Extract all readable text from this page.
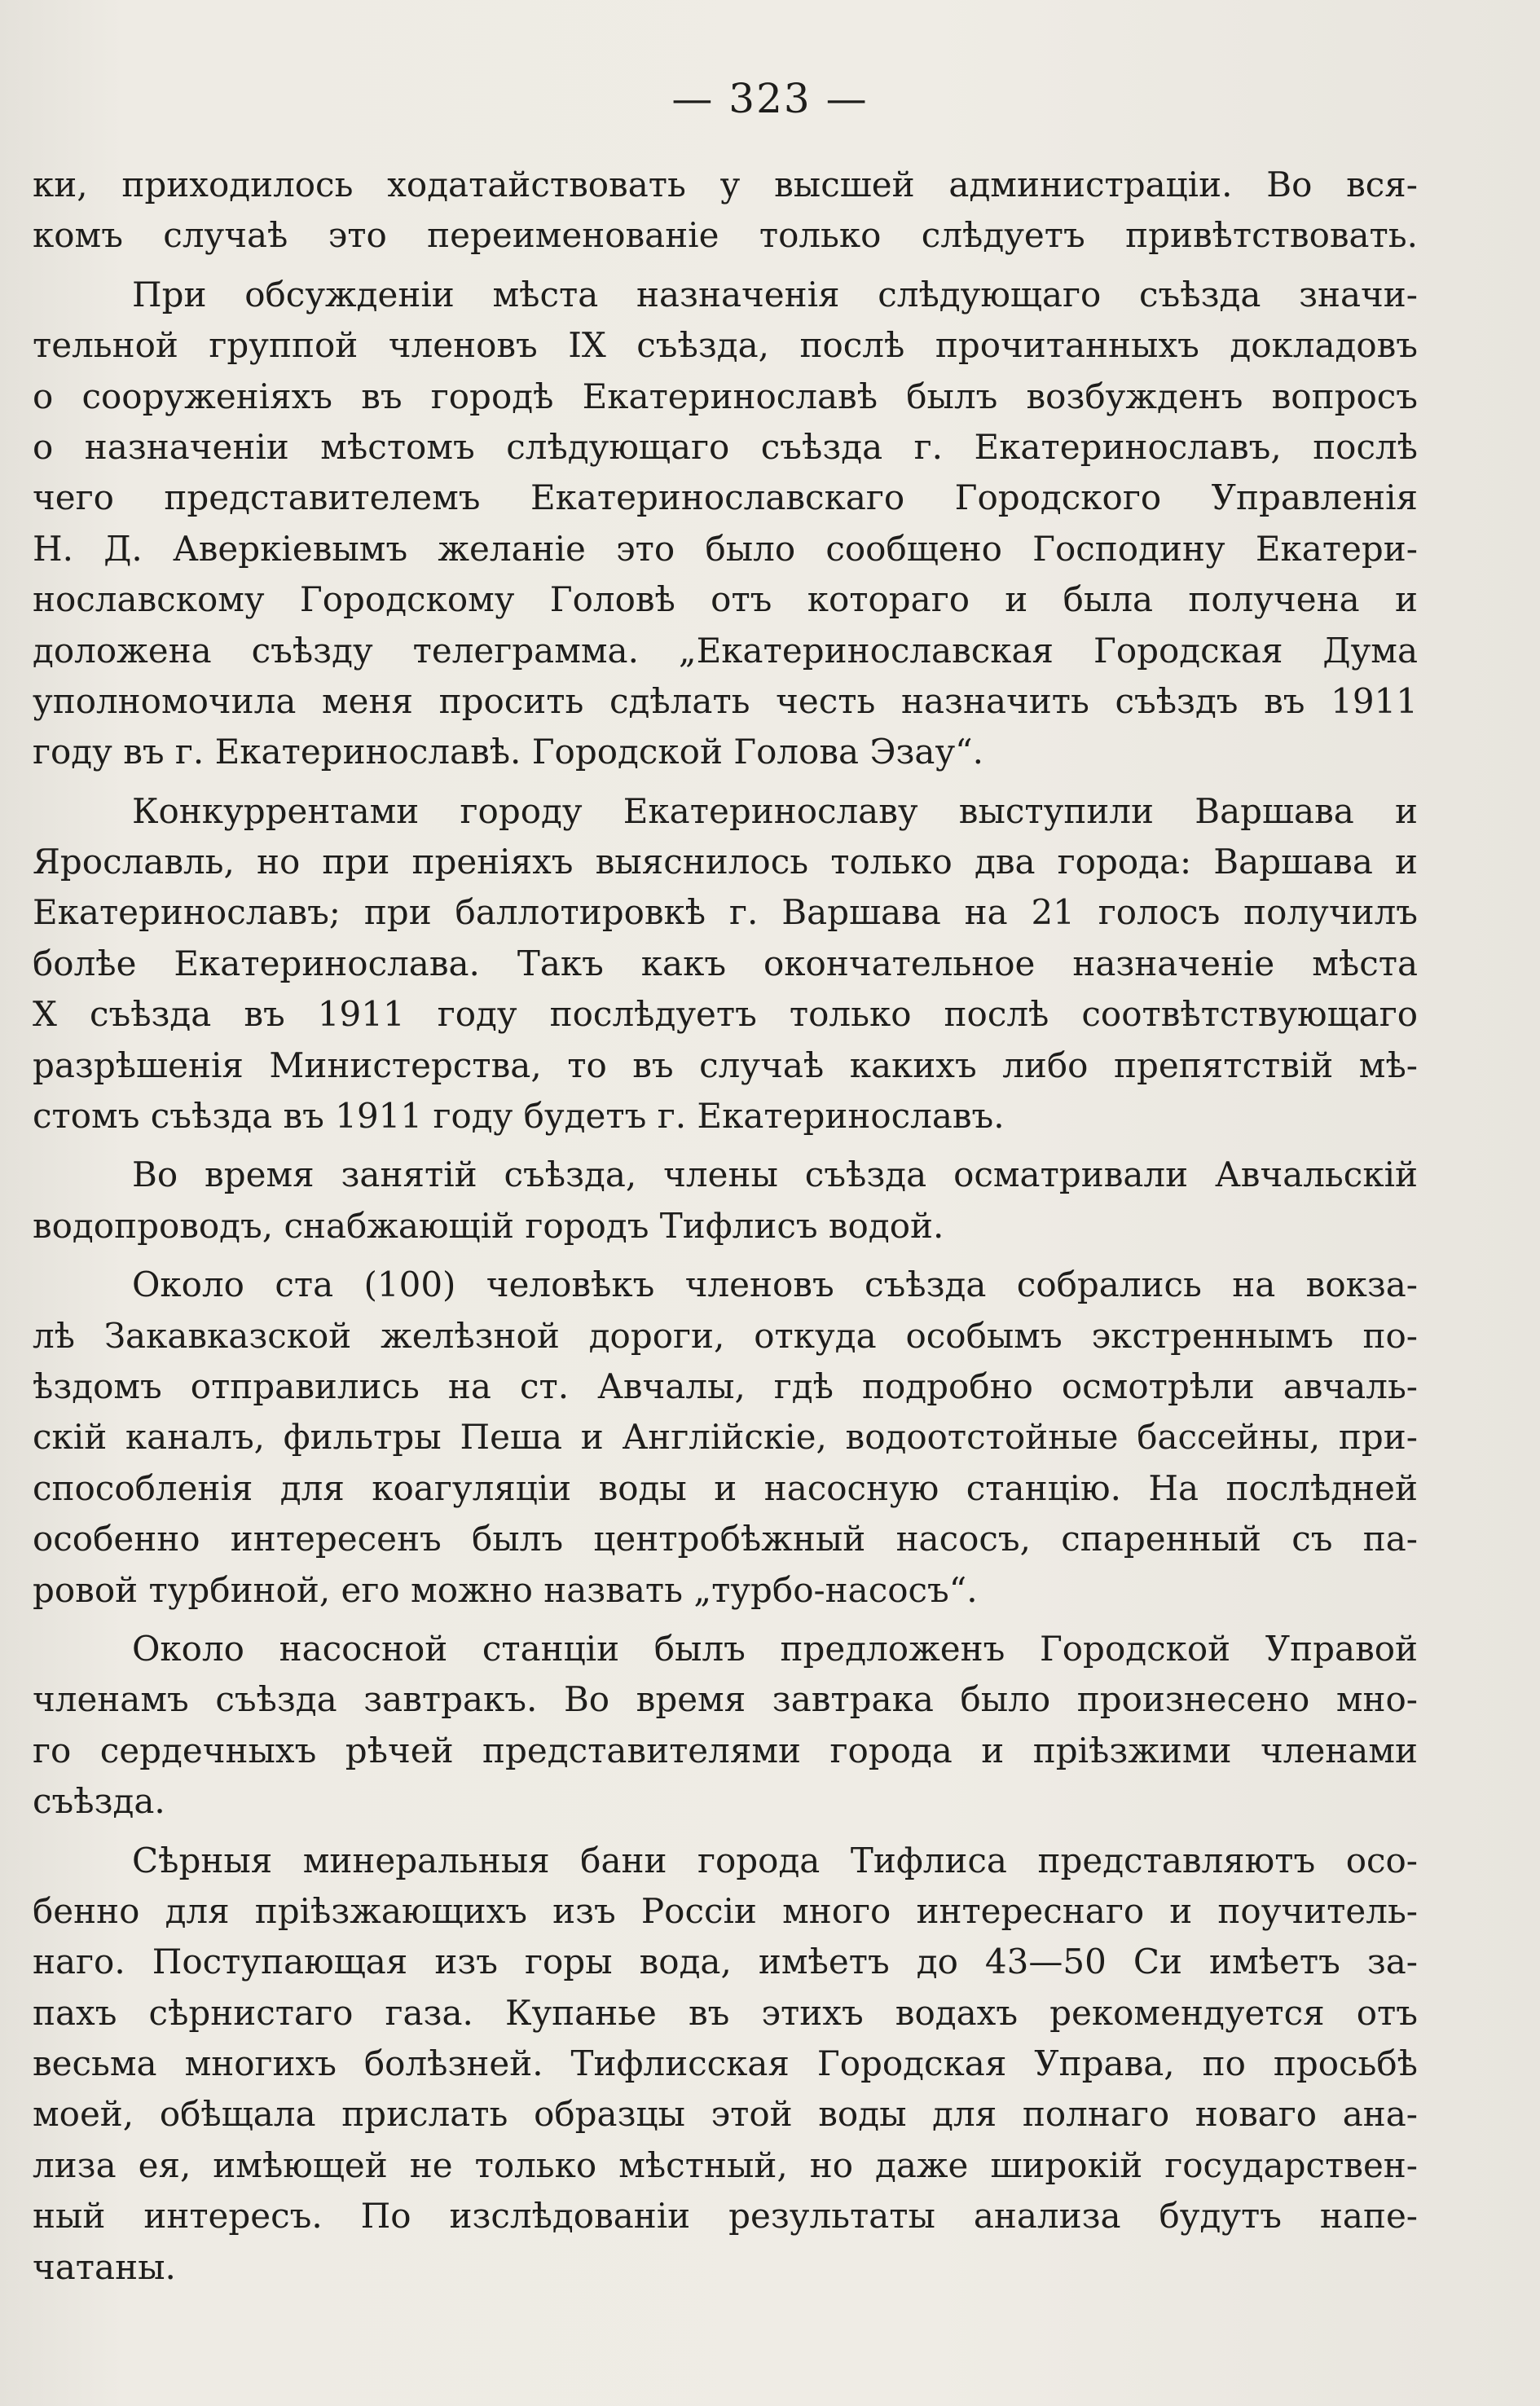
— 323 —
ки, приходилось ходатайствовать у высшей администраціи. Во вся-
комъ случаѣ это переименованіе только слѣдуетъ привѣтствовать.
При обсужденіи мѣста назначенія слѣдующаго съѣзда значи-
тельной группой членовъ IX съѣзда, послѣ прочитанныхъ докладовъ
о сооруженіяхъ въ городѣ Екатеринославѣ былъ возбужденъ вопросъ
о назначеніи мѣстомъ слѣдующаго съѣзда г. Екатеринославъ, послѣ
чего представителемъ Екатеринославскаго Городского Управленія
Н. Д. Аверкіевымъ желаніе это было сообщено Господину Екатери-
нославскому Городскому Головѣ отъ котораго и была получена и
доложена съѣзду телеграмма. „Екатеринославская Городская Дума
уполномочила меня просить сдѣлать честь назначить съѣздъ въ 1911
году въ г. Екатеринославѣ. Городской Голова Эзау“.
Конкуррентами городу Екатеринославу выступили Варшава и
Ярославль, но при преніяхъ выяснилось только два города: Варшава и
Екатеринославъ; при баллотировкѣ г. Варшава на 21 голосъ получилъ
болѣе Екатеринослава. Такъ какъ окончательное назначеніе мѣста
X съѣзда въ 1911 году послѣдуетъ только послѣ соотвѣтствующаго
разрѣшенія Министерства, то въ случаѣ какихъ либо препятствій мѣ-
стомъ съѣзда въ 1911 году будетъ г. Екатеринославъ.
Во время занятій съѣзда, члены съѣзда осматривали Авчальскій
водопроводъ, снабжающій городъ Тифлисъ водой.
Около ста (100) человѣкъ членовъ съѣзда собрались на вокза-
лѣ Закавказской желѣзной дороги, откуда особымъ экстреннымъ по-
ѣздомъ отправились на ст. Авчалы, гдѣ подробно осмотрѣли авчаль-
скій каналъ, фильтры Пеша и Англійскіе, водоотстойные бассейны, при-
способленія для коагуляціи воды и насосную станцію. На послѣдней
особенно интересенъ былъ центробѣжный насосъ, спаренный съ па-
ровой турбиной, его можно назвать „турбо-насосъ“.
Около насосной станціи былъ предложенъ Городской Управой
членамъ съѣзда завтракъ. Во время завтрака было произнесено мно-
го сердечныхъ рѣчей представителями города и пріѣзжими членами
съѣзда.
Сѣрныя минеральныя бани города Тифлиса представляютъ осо-
бенно для пріѣзжающихъ изъ Россіи много интереснаго и поучитель-
наго. Поступающая изъ горы вода, имѣетъ до 43—50 Си имѣетъ за-
пахъ сѣрнистаго газа. Купанье въ этихъ водахъ рекомендуется отъ
весьма многихъ болѣзней. Тифлисская Городская Управа, по просьбѣ
моей, обѣщала прислать образцы этой воды для полнаго новаго ана-
лиза ея, имѣющей не только мѣстный, но даже широкій государствен-
ный интересъ. По изслѣдованіи результаты анализа будутъ напе-
чатаны.
